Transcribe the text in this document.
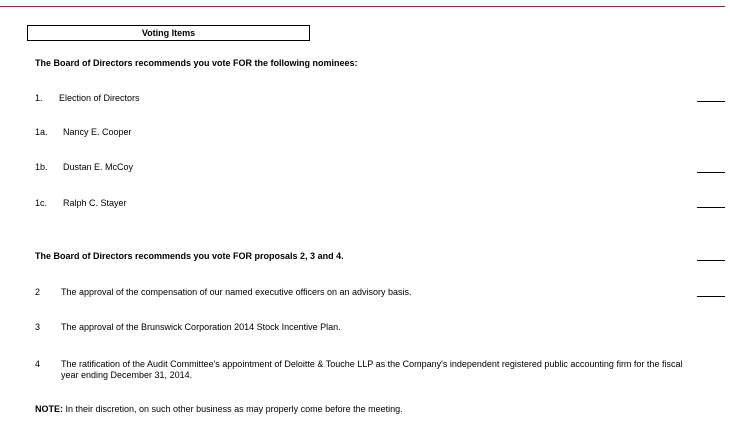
Voting Items
The Board of Directors recommends you vote FOR the following nominees:
1. Election of Directors
1a. Nancy E. Cooper
1b. Dustan E. McCoy
1c. Ralph C. Stayer
The Board of Directors recommends you vote FOR proposals 2, 3 and 4.
2 The approval of the compensation of our named executive officers on an advisory basis.
3 The approval of the Brunswick Corporation 2014 Stock Incentive Plan.
4 The ratification of the Audit Committee's appointment of Deloitte & Touche LLP as the Company's independent registered public accounting firm for the fiscal year ending December 31, 2014.
NOTE: In their discretion, on such other business as may properly come before the meeting.
